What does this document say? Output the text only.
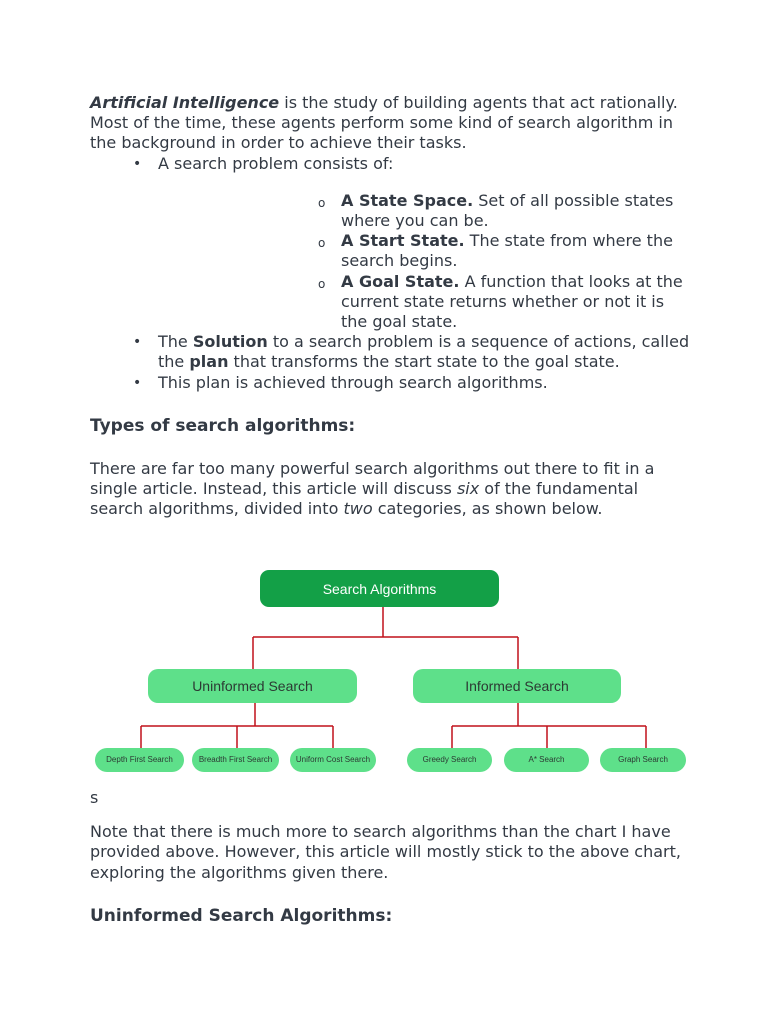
Artificial Intelligence is the study of building agents that act rationally. Most of the time, these agents perform some kind of search algorithm in the background in order to achieve their tasks.

• A search problem consists of:
o A State Space. Set of all possible states where you can be.
o A Start State. The state from where the search begins.
o A Goal State. A function that looks at the current state returns whether or not it is the goal state.
• The Solution to a search problem is a sequence of actions, called the plan that transforms the start state to the goal state.
• This plan is achieved through search algorithms.
Types of search algorithms:

There are far too many powerful search algorithms out there to fit in a single article. Instead, this article will discuss six of the fundamental search algorithms, divided into two categories, as shown below.

Search Algorithms
Uninformed Search	Informed Search
Depth First Search	Breadth First Search	Uniform Cost Search	Greedy Search	A* Search	Graph Search

s

Note that there is much more to search algorithms than the chart I have provided above. However, this article will mostly stick to the above chart, exploring the algorithms given there.

Uninformed Search Algorithms:
